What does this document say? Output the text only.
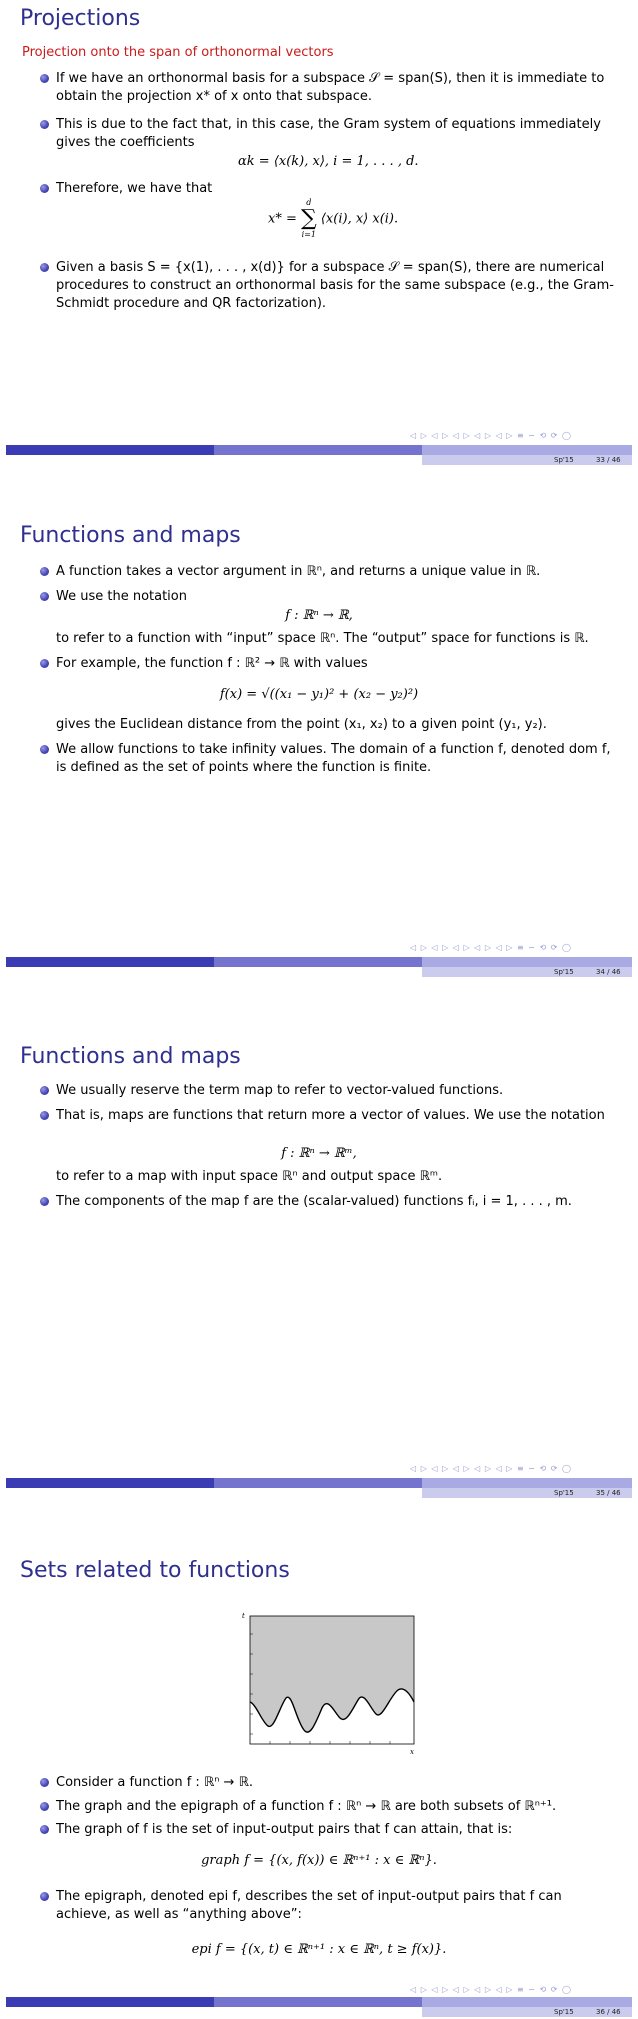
Projections
Projection onto the span of orthonormal vectors
If we have an orthonormal basis for a subspace 𝒮 = span(S), then it is immediate to obtain the projection x* of x onto that subspace.
This is due to the fact that, in this case, the Gram system of equations immediately gives the coefficients
αk = ⟨x(k), x⟩, i = 1, . . . , d.
Therefore, we have that
x* =
d
∑
i=1
⟨x(i), x⟩ x(i).
Given a basis S = {x(1), . . . , x(d)} for a subspace 𝒮 = span(S), there are numerical procedures to construct an orthonormal basis for the same subspace (e.g., the Gram-Schmidt procedure and QR factorization).
◁ ▷ ◁ ▷ ◁ ▷ ◁ ▷ ◁ ▷ ≡ ∽ ⟲ ⟳ ◯
Sp'15	33 / 46
Functions and maps
A function takes a vector argument in ℝⁿ, and returns a unique value in ℝ.
We use the notation
f : ℝⁿ → ℝ,
to refer to a function with “input” space ℝⁿ. The “output” space for functions is ℝ.
For example, the function f : ℝ² → ℝ with values
f(x) = √((x₁ − y₁)² + (x₂ − y₂)²)
gives the Euclidean distance from the point (x₁, x₂) to a given point (y₁, y₂).
We allow functions to take infinity values. The domain of a function f, denoted dom f, is defined as the set of points where the function is finite.
◁ ▷ ◁ ▷ ◁ ▷ ◁ ▷ ◁ ▷ ≡ ∽ ⟲ ⟳ ◯
Sp'15	34 / 46
Functions and maps
We usually reserve the term map to refer to vector-valued functions.
That is, maps are functions that return more a vector of values. We use the notation
f : ℝⁿ → ℝᵐ,
to refer to a map with input space ℝⁿ and output space ℝᵐ.
The components of the map f are the (scalar-valued) functions fᵢ, i = 1, . . . , m.
◁ ▷ ◁ ▷ ◁ ▷ ◁ ▷ ◁ ▷ ≡ ∽ ⟲ ⟳ ◯
Sp'15	35 / 46
Sets related to functions
t
x
Consider a function f : ℝⁿ → ℝ.
The graph and the epigraph of a function f : ℝⁿ → ℝ are both subsets of ℝⁿ⁺¹.
The graph of f is the set of input-output pairs that f can attain, that is:
graph f = {(x, f(x)) ∈ ℝⁿ⁺¹ : x ∈ ℝⁿ}.
The epigraph, denoted epi f, describes the set of input-output pairs that f can achieve, as well as “anything above”:
epi f = {(x, t) ∈ ℝⁿ⁺¹ : x ∈ ℝⁿ, t ≥ f(x)}.
◁ ▷ ◁ ▷ ◁ ▷ ◁ ▷ ◁ ▷ ≡ ∽ ⟲ ⟳ ◯
Sp'15	36 / 46
